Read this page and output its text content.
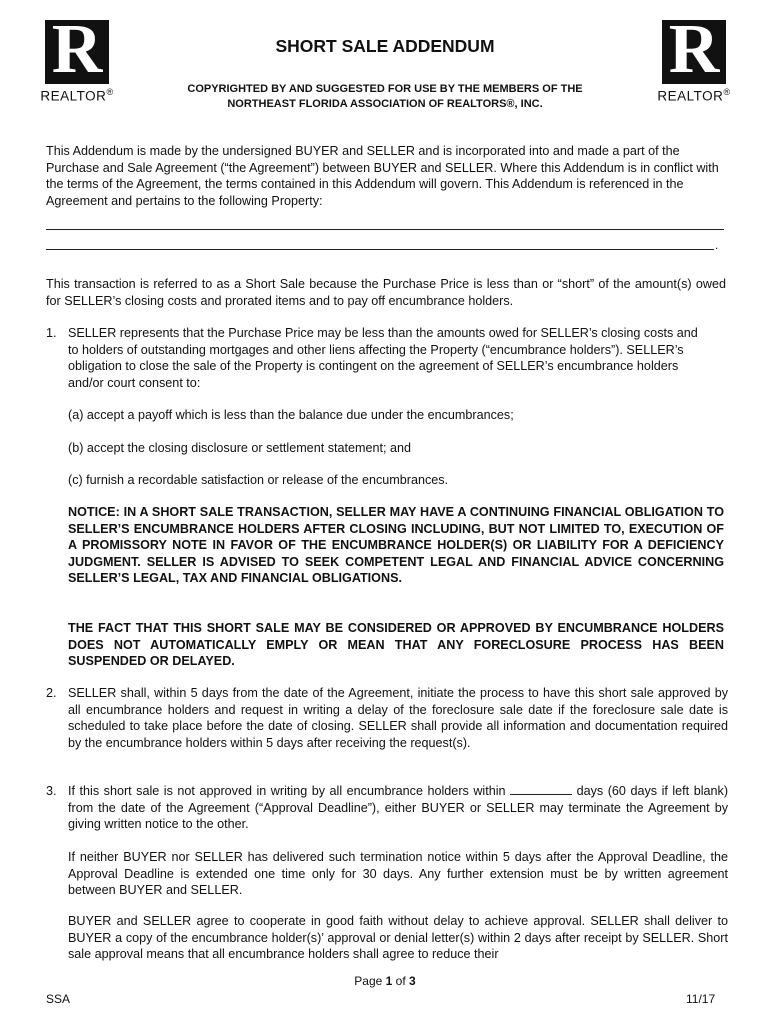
R
REALTOR®
R
REALTOR®
SHORT SALE ADDENDUM
COPYRIGHTED BY AND SUGGESTED FOR USE BY THE MEMBERS OF THE
NORTHEAST FLORIDA ASSOCIATION OF REALTORS®, INC.

This Addendum is made by the undersigned BUYER and SELLER and is incorporated into and made a part of the Purchase and Sale Agreement (“the Agreement”) between BUYER and SELLER. Where this Addendum is in conflict with the terms of the Agreement, the terms contained in this Addendum will govern. This Addendum is referenced in the Agreement and pertains to the following Property:

.

This transaction is referred to as a Short Sale because the Purchase Price is less than or “short” of the amount(s) owed for SELLER’s closing costs and prorated items and to pay off encumbrance holders.

1. SELLER represents that the Purchase Price may be less than the amounts owed for SELLER’s closing costs and to holders of outstanding mortgages and other liens affecting the Property (“encumbrance holders”). SELLER’s obligation to close the sale of the Property is contingent on the agreement of SELLER’s encumbrance holders and/or court consent to:

(a) accept a payoff which is less than the balance due under the encumbrances;

(b) accept the closing disclosure or settlement statement; and

(c) furnish a recordable satisfaction or release of the encumbrances.

NOTICE: IN A SHORT SALE TRANSACTION, SELLER MAY HAVE A CONTINUING FINANCIAL OBLIGATION TO SELLER’S ENCUMBRANCE HOLDERS AFTER CLOSING INCLUDING, BUT NOT LIMITED TO, EXECUTION OF A PROMISSORY NOTE IN FAVOR OF THE ENCUMBRANCE HOLDER(S) OR LIABILITY FOR A DEFICIENCY JUDGMENT. SELLER IS ADVISED TO SEEK COMPETENT LEGAL AND FINANCIAL ADVICE CONCERNING SELLER’S LEGAL, TAX AND FINANCIAL OBLIGATIONS.

THE FACT THAT THIS SHORT SALE MAY BE CONSIDERED OR APPROVED BY ENCUMBRANCE HOLDERS DOES NOT AUTOMATICALLY EMPLY OR MEAN THAT ANY FORECLOSURE PROCESS HAS BEEN SUSPENDED OR DELAYED.

2. SELLER shall, within 5 days from the date of the Agreement, initiate the process to have this short sale approved by all encumbrance holders and request in writing a delay of the foreclosure sale date if the foreclosure sale date is scheduled to take place before the date of closing. SELLER shall provide all information and documentation required by the encumbrance holders within 5 days after receiving the request(s).

3. If this short sale is not approved in writing by all encumbrance holders within	days (60 days if left blank) from the date of the Agreement (“Approval Deadline”), either BUYER or SELLER may terminate the Agreement by giving written notice to the other.

If neither BUYER nor SELLER has delivered such termination notice within 5 days after the Approval Deadline, the Approval Deadline is extended one time only for 30 days. Any further extension must be by written agreement between BUYER and SELLER.

BUYER and SELLER agree to cooperate in good faith without delay to achieve approval. SELLER shall deliver to BUYER a copy of the encumbrance holder(s)’ approval or denial letter(s) within 2 days after receipt by SELLER. Short sale approval means that all encumbrance holders shall agree to reduce their

Page 1 of 3
SSA	11/17
